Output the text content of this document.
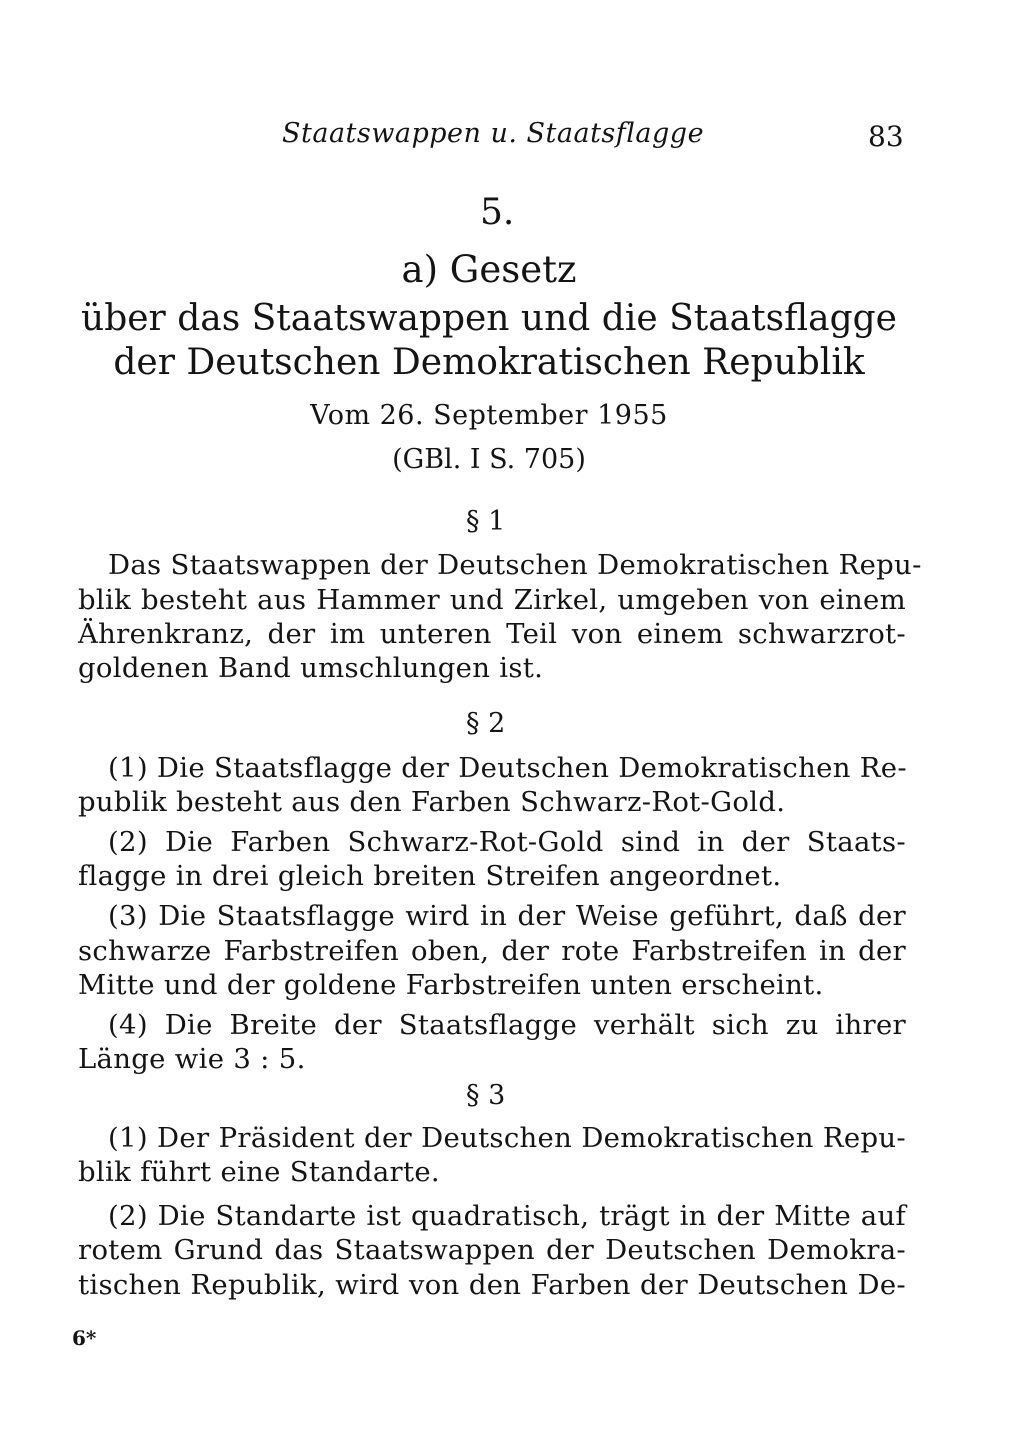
Staatswappen u. Staatsflagge	83
5.
a) Gesetz
über das Staatswappen und die Staatsflagge
der Deutschen Demokratischen Republik
Vom 26. September 1955
(GBl. I S. 705)
§ 1
Das Staatswappen der Deutschen Demokratischen Repu-
blik besteht aus Hammer und Zirkel, umgeben von einem
Ährenkranz, der im unteren Teil von einem schwarzrot-
goldenen Band umschlungen ist.
§ 2
(1) Die Staatsflagge der Deutschen Demokratischen Re-
publik besteht aus den Farben Schwarz-Rot-Gold.
(2) Die Farben Schwarz-Rot-Gold sind in der Staats-
flagge in drei gleich breiten Streifen angeordnet.
(3) Die Staatsflagge wird in der Weise geführt, daß der
schwarze Farbstreifen oben, der rote Farbstreifen in der
Mitte und der goldene Farbstreifen unten erscheint.
(4) Die Breite der Staatsflagge verhält sich zu ihrer
Länge wie 3 : 5.
§ 3
(1) Der Präsident der Deutschen Demokratischen Repu-
blik führt eine Standarte.
(2) Die Standarte ist quadratisch, trägt in der Mitte auf
rotem Grund das Staatswappen der Deutschen Demokra-
tischen Republik, wird von den Farben der Deutschen De-
6*
